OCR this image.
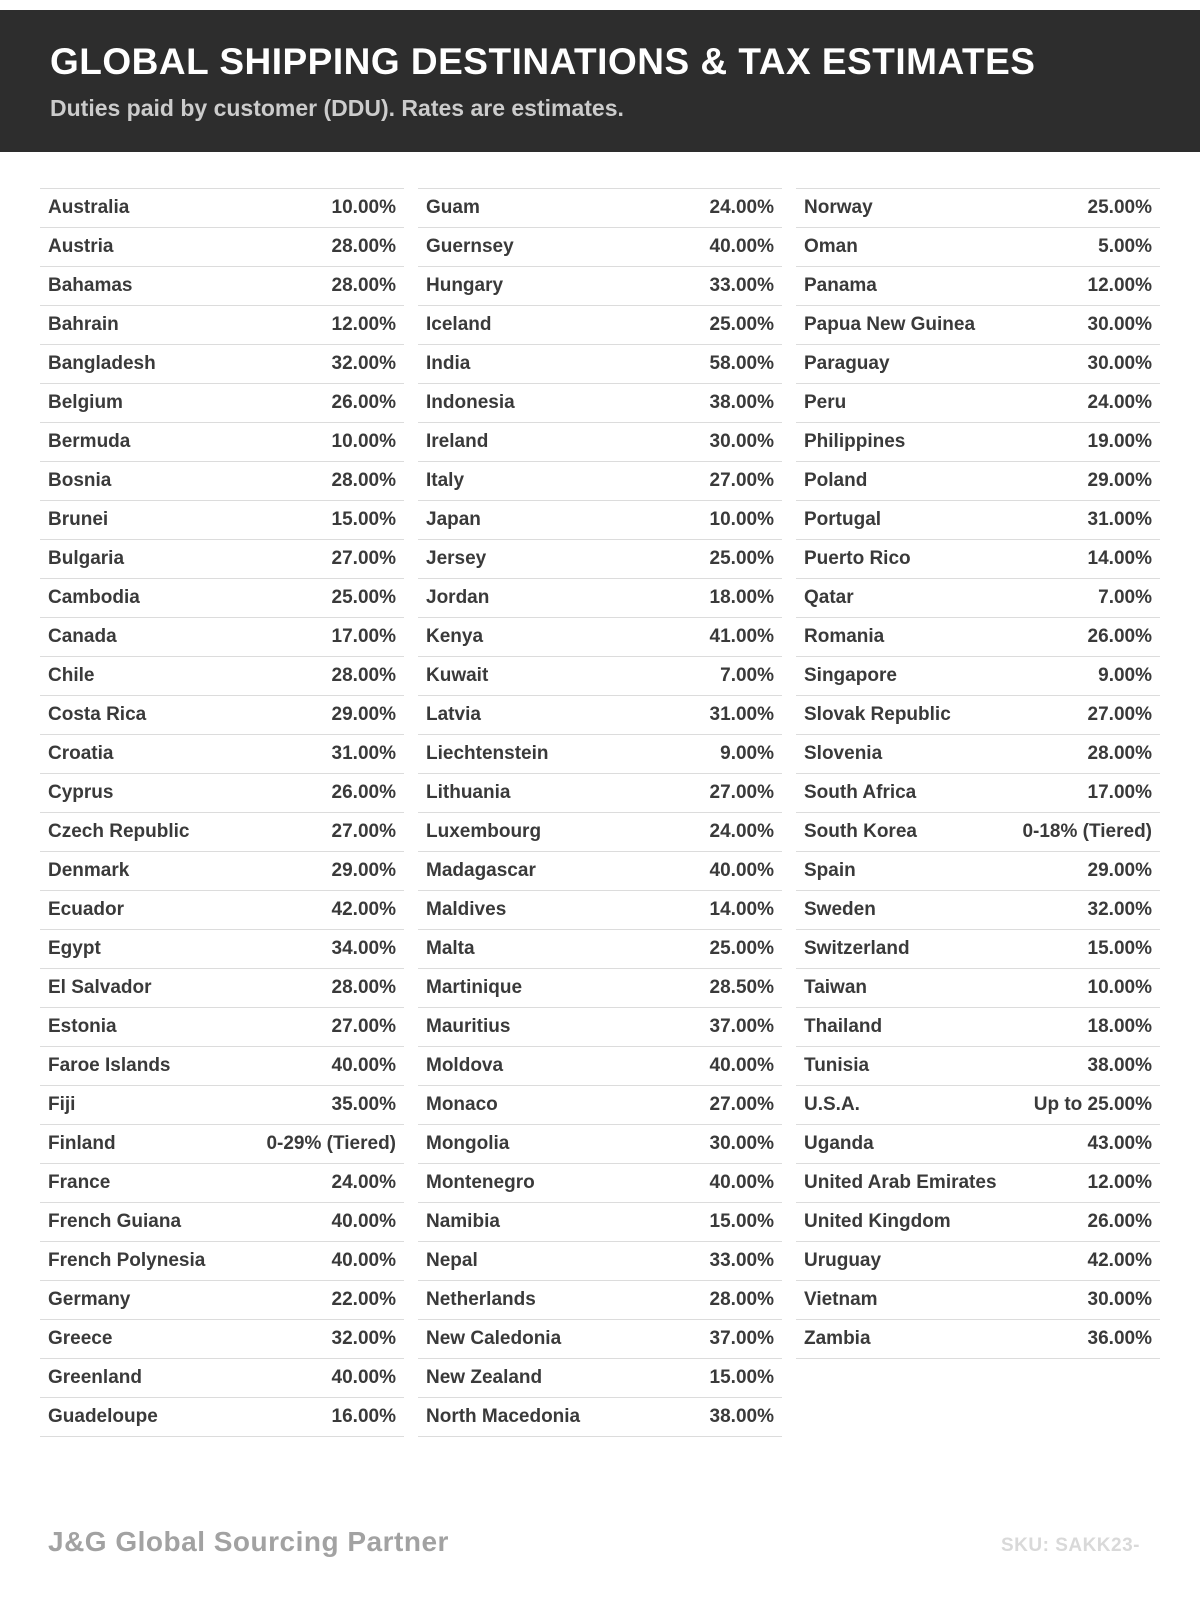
GLOBAL SHIPPING DESTINATIONS & TAX ESTIMATES
Duties paid by customer (DDU). Rates are estimates.
Australia	10.00%
Austria	28.00%
Bahamas	28.00%
Bahrain	12.00%
Bangladesh	32.00%
Belgium	26.00%
Bermuda	10.00%
Bosnia	28.00%
Brunei	15.00%
Bulgaria	27.00%
Cambodia	25.00%
Canada	17.00%
Chile	28.00%
Costa Rica	29.00%
Croatia	31.00%
Cyprus	26.00%
Czech Republic	27.00%
Denmark	29.00%
Ecuador	42.00%
Egypt	34.00%
El Salvador	28.00%
Estonia	27.00%
Faroe Islands	40.00%
Fiji	35.00%
Finland	0-29% (Tiered)
France	24.00%
French Guiana	40.00%
French Polynesia	40.00%
Germany	22.00%
Greece	32.00%
Greenland	40.00%
Guadeloupe	16.00%
Guam	24.00%
Guernsey	40.00%
Hungary	33.00%
Iceland	25.00%
India	58.00%
Indonesia	38.00%
Ireland	30.00%
Italy	27.00%
Japan	10.00%
Jersey	25.00%
Jordan	18.00%
Kenya	41.00%
Kuwait	7.00%
Latvia	31.00%
Liechtenstein	9.00%
Lithuania	27.00%
Luxembourg	24.00%
Madagascar	40.00%
Maldives	14.00%
Malta	25.00%
Martinique	28.50%
Mauritius	37.00%
Moldova	40.00%
Monaco	27.00%
Mongolia	30.00%
Montenegro	40.00%
Namibia	15.00%
Nepal	33.00%
Netherlands	28.00%
New Caledonia	37.00%
New Zealand	15.00%
North Macedonia	38.00%
Norway	25.00%
Oman	5.00%
Panama	12.00%
Papua New Guinea	30.00%
Paraguay	30.00%
Peru	24.00%
Philippines	19.00%
Poland	29.00%
Portugal	31.00%
Puerto Rico	14.00%
Qatar	7.00%
Romania	26.00%
Singapore	9.00%
Slovak Republic	27.00%
Slovenia	28.00%
South Africa	17.00%
South Korea	0-18% (Tiered)
Spain	29.00%
Sweden	32.00%
Switzerland	15.00%
Taiwan	10.00%
Thailand	18.00%
Tunisia	38.00%
U.S.A.	Up to 25.00%
Uganda	43.00%
United Arab Emirates	12.00%
United Kingdom	26.00%
Uruguay	42.00%
Vietnam	30.00%
Zambia	36.00%
J&G Global Sourcing Partner	SKU: SAKK23-
